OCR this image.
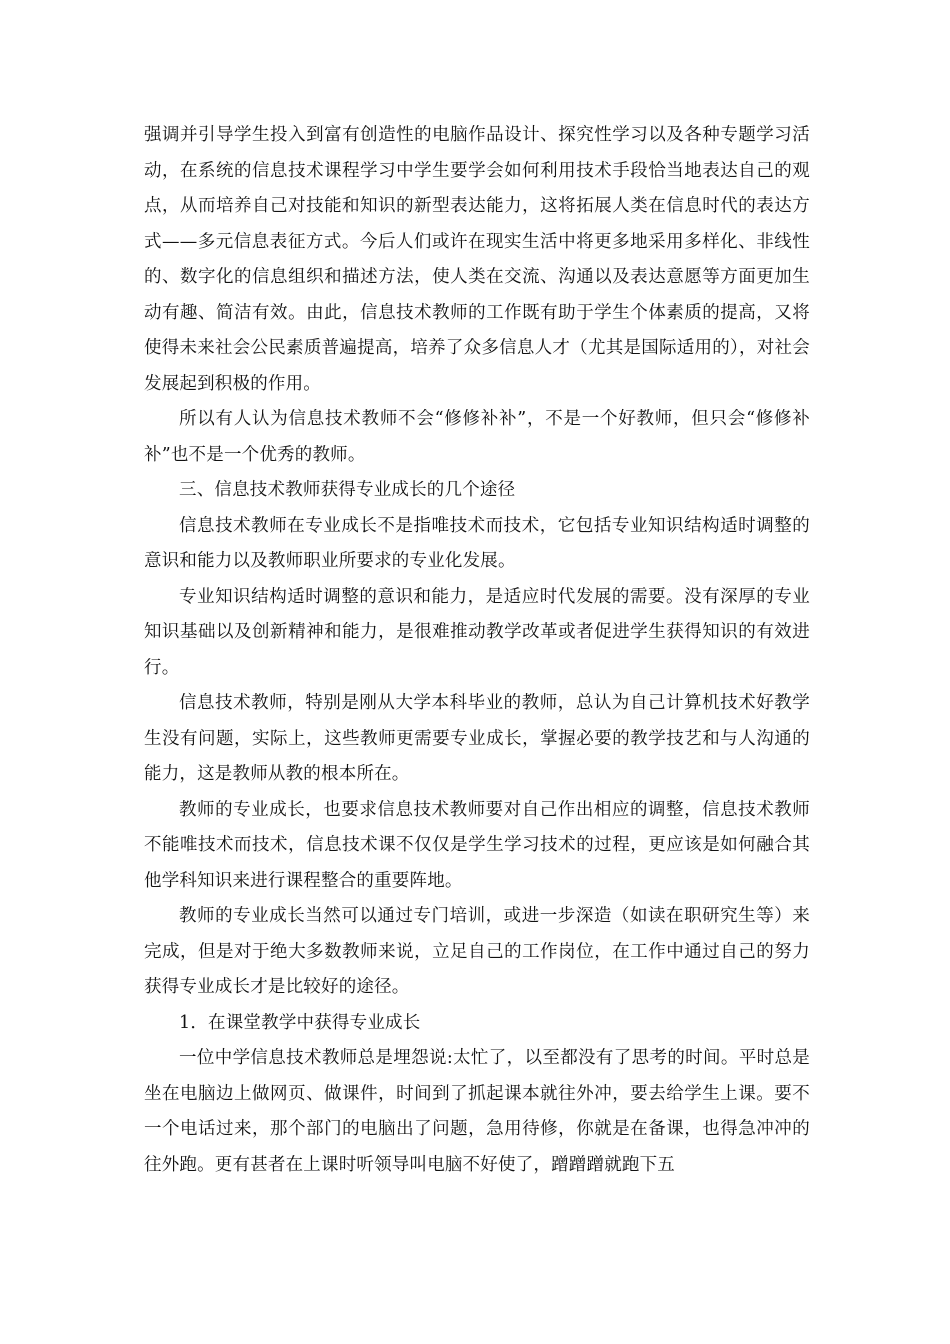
强调并引导学生投入到富有创造性的电脑作品设计、探究性学习以及各种专题学习活动，在系统的信息技术课程学习中学生要学会如何利用技术手段恰当地表达自己的观点，从而培养自己对技能和知识的新型表达能力，这将拓展人类在信息时代的表达方式——多元信息表征方式。今后人们或许在现实生活中将更多地采用多样化、非线性的、数字化的信息组织和描述方法，使人类在交流、沟通以及表达意愿等方面更加生动有趣、简洁有效。由此，信息技术教师的工作既有助于学生个体素质的提高，又将使得未来社会公民素质普遍提高，培养了众多信息人才（尤其是国际适用的），对社会发展起到积极的作用。

所以有人认为信息技术教师不会“修修补补”，不是一个好教师，但只会“修修补补”也不是一个优秀的教师。

三、信息技术教师获得专业成长的几个途径

信息技术教师在专业成长不是指唯技术而技术，它包括专业知识结构适时调整的意识和能力以及教师职业所要求的专业化发展。

专业知识结构适时调整的意识和能力，是适应时代发展的需要。没有深厚的专业知识基础以及创新精神和能力，是很难推动教学改革或者促进学生获得知识的有效进行。

信息技术教师，特别是刚从大学本科毕业的教师，总认为自己计算机技术好教学生没有问题，实际上，这些教师更需要专业成长，掌握必要的教学技艺和与人沟通的能力，这是教师从教的根本所在。

教师的专业成长，也要求信息技术教师要对自己作出相应的调整，信息技术教师不能唯技术而技术，信息技术课不仅仅是学生学习技术的过程，更应该是如何融合其他学科知识来进行课程整合的重要阵地。

教师的专业成长当然可以通过专门培训，或进一步深造（如读在职研究生等）来完成，但是对于绝大多数教师来说，立足自己的工作岗位，在工作中通过自己的努力获得专业成长才是比较好的途径。

1．在课堂教学中获得专业成长

一位中学信息技术教师总是埋怨说:太忙了，以至都没有了思考的时间。平时总是坐在电脑边上做网页、做课件，时间到了抓起课本就往外冲，要去给学生上课。要不一个电话过来，那个部门的电脑出了问题，急用待修，你就是在备课，也得急冲冲的往外跑。更有甚者在上课时听领导叫电脑不好使了，蹭蹭蹭就跑下五
